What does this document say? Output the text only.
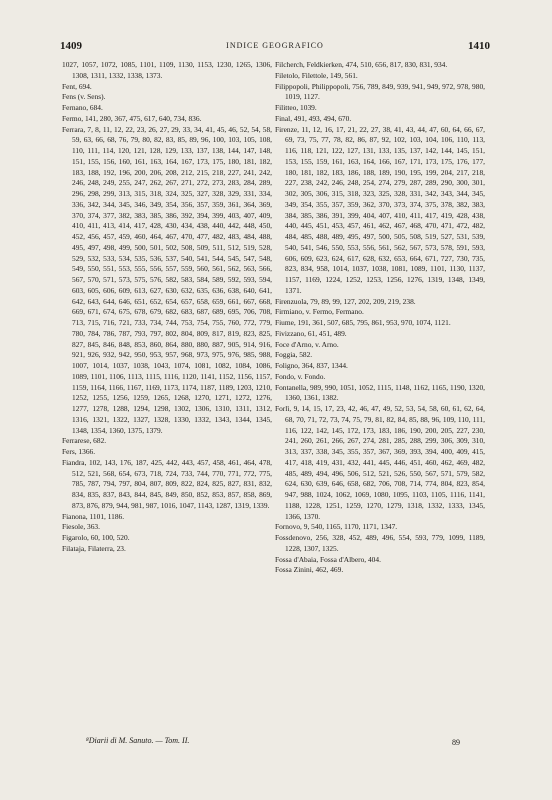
1409	INDICE GEOGRAFICO	1410

1027, 1057, 1072, 1085, 1101, 1109, 1130, 1153, 1230, 1265, 1306, 1308, 1311, 1332, 1338, 1373.

Fent, 694.

Fens (v. Sens).

Fernano, 684.

Fermo, 141, 280, 367, 475, 617, 640, 734, 836.

Ferrara, 7, 8, 11, 12, 22, 23, 26, 27, 29, 33, 34, 41, 45, 46, 52, 54, 58, 59, 63, 66, 68, 76, 79, 80, 82, 83, 85, 89, 96, 100, 103, 105, 108, 110, 111, 114, 120, 121, 128, 129, 133, 137, 138, 144, 147, 148, 151, 155, 156, 160, 161, 163, 164, 167, 173, 175, 180, 181, 182, 183, 188, 192, 196, 200, 206, 208, 212, 215, 218, 227, 241, 242, 246, 248, 249, 255, 247, 262, 267, 271, 272, 273, 283, 284, 289, 296, 298, 299, 313, 315, 318, 324, 325, 327, 328, 329, 331, 334, 336, 342, 344, 345, 346, 349, 354, 356, 357, 359, 361, 364, 369, 370, 374, 377, 382, 383, 385, 386, 392, 394, 399, 403, 407, 409, 410, 411, 413, 414, 417, 428, 430, 434, 438, 440, 442, 448, 450, 452, 456, 457, 459, 460, 464, 467, 470, 477, 482, 483, 484, 488, 495, 497, 498, 499, 500, 501, 502, 508, 509, 511, 512, 519, 528, 529, 532, 533, 534, 535, 536, 537, 540, 541, 544, 545, 547, 548, 549, 550, 551, 553, 555, 556, 557, 559, 560, 561, 562, 563, 566, 567, 570, 571, 573, 575, 576, 582, 583, 584, 589, 592, 593, 594, 603, 605, 606, 609, 613, 627, 630, 632, 635, 636, 638, 640, 641, 642, 643, 644, 646, 651, 652, 654, 657, 658, 659, 661, 667, 668, 669, 671, 674, 675, 678, 679, 682, 683, 687, 689, 695, 706, 708, 713, 715, 716, 721, 733, 734, 744, 753, 754, 755, 760, 772, 779, 780, 784, 786, 787, 793, 797, 802, 804, 809, 817, 819, 823, 825, 827, 845, 846, 848, 853, 860, 864, 880, 880, 887, 905, 914, 916, 921, 926, 932, 942, 950, 953, 957, 968, 973, 975, 976, 985, 988, 1007, 1014, 1037, 1038, 1043, 1074, 1081, 1082, 1084, 1086, 1089, 1101, 1106, 1113, 1115, 1116, 1120, 1141, 1152, 1156, 1157, 1159, 1164, 1166, 1167, 1169, 1173, 1174, 1187, 1189, 1203, 1210, 1252, 1255, 1256, 1259, 1265, 1268, 1270, 1271, 1272, 1276, 1277, 1278, 1288, 1294, 1298, 1302, 1306, 1310, 1311, 1312, 1316, 1321, 1322, 1327, 1328, 1330, 1332, 1343, 1344, 1345, 1348, 1354, 1360, 1375, 1379.

Ferrarese, 682.

Fers, 1366.

Fiandra, 102, 143, 176, 187, 425, 442, 443, 457, 458, 461, 464, 478, 512, 521, 568, 654, 673, 718, 724, 733, 744, 770, 771, 772, 775, 785, 787, 794, 797, 804, 807, 809, 822, 824, 825, 827, 831, 832, 834, 835, 837, 843, 844, 845, 849, 850, 852, 853, 857, 858, 869, 873, 876, 879, 944, 981, 987, 1016, 1047, 1143, 1287, 1319, 1339.

Fianona, 1101, 1186.

Fiesole, 363.

Figarolo, 60, 100, 520.

Filataja, Filaterra, 23.

Filcherch, Feldkierken, 474, 510, 656, 817, 830, 831, 934.

Filetolo, Filettole, 149, 561.

Filippopoli, Philippopoli, 756, 789, 849, 939, 941, 949, 972, 978, 980, 1019, 1127.

Filitteo, 1039.

Final, 491, 493, 494, 670.

Firenze, 11, 12, 16, 17, 21, 22, 27, 38, 41, 43, 44, 47, 60, 64, 66, 67, 69, 73, 75, 77, 78, 82, 86, 87, 92, 102, 103, 104, 106, 110, 113, 116, 118, 121, 122, 127, 131, 133, 135, 137, 142, 144, 145, 151, 153, 155, 159, 161, 163, 164, 166, 167, 171, 173, 175, 176, 177, 180, 181, 182, 183, 186, 188, 189, 190, 195, 199, 204, 217, 218, 227, 238, 242, 246, 248, 254, 274, 279, 287, 289, 290, 300, 301, 302, 305, 306, 315, 318, 323, 325, 328, 331, 342, 343, 344, 345, 349, 354, 355, 357, 359, 362, 370, 373, 374, 375, 378, 382, 383, 384, 385, 386, 391, 399, 404, 407, 410, 411, 417, 419, 428, 438, 440, 445, 451, 453, 457, 461, 462, 467, 468, 470, 471, 472, 482, 484, 485, 488, 489, 495, 497, 500, 505, 508, 519, 527, 531, 539, 540, 541, 546, 550, 553, 556, 561, 562, 567, 573, 578, 591, 593, 606, 609, 623, 624, 617, 628, 632, 653, 664, 671, 727, 730, 735, 823, 834, 958, 1014, 1037, 1038, 1081, 1089, 1101, 1130, 1137, 1157, 1169, 1224, 1252, 1253, 1256, 1276, 1319, 1348, 1349, 1371.

Firenzuola, 79, 89, 99, 127, 202, 209, 219, 238.

Firmiano, v. Fermo, Fermano.

Fiume, 191, 361, 507, 685, 795, 861, 953, 970, 1074, 1121.

Fivizzano, 61, 451, 489.

Foce d'Arno, v. Arno.

Foggia, 582.

Foligno, 364, 837, 1344.

Fondo, v. Fondo.

Fontanella, 989, 990, 1051, 1052, 1115, 1148, 1162, 1165, 1190, 1320, 1360, 1361, 1382.

Forlì, 9, 14, 15, 17, 23, 42, 46, 47, 49, 52, 53, 54, 58, 60, 61, 62, 64, 68, 70, 71, 72, 73, 74, 75, 79, 81, 82, 84, 85, 88, 96, 109, 110, 111, 116, 122, 142, 145, 172, 173, 183, 186, 190, 200, 205, 227, 230, 241, 260, 261, 266, 267, 274, 281, 285, 288, 299, 306, 309, 310, 313, 337, 338, 345, 355, 357, 367, 369, 393, 394, 400, 409, 415, 417, 418, 419, 431, 432, 441, 445, 446, 451, 460, 462, 469, 482, 485, 489, 494, 496, 506, 512, 521, 526, 550, 567, 571, 579, 582, 624, 630, 639, 646, 658, 682, 706, 708, 714, 774, 804, 823, 854, 947, 988, 1024, 1062, 1069, 1080, 1095, 1103, 1105, 1116, 1141, 1188, 1228, 1251, 1259, 1270, 1279, 1318, 1332, 1333, 1345, 1366, 1370.

Fornovo, 9, 540, 1165, 1170, 1171, 1347.

Fossdenovo, 256, 328, 452, 489, 496, 554, 593, 779, 1099, 1189, 1228, 1307, 1325.

Fossa d'Abaia, Fossa d'Albero, 404.

Fossa Zinini, 462, 469.

⁸Diarii di M. Sanuto. — Tom. II.	89
